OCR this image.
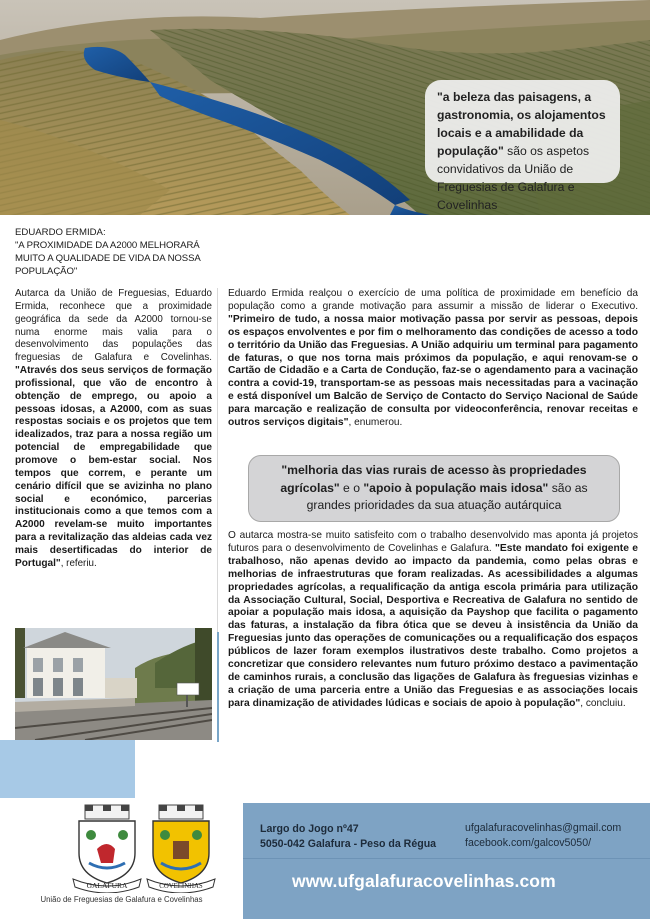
"a beleza das paisagens, a gastronomia, os alojamentos locais e a amabilidade da população" são os aspetos convidativos da União de Freguesias de Galafura e Covelinhas
EDUARDO ERMIDA:
"A PROXIMIDADE DA A2000 MELHORARÁ MUITO A QUALIDADE DE VIDA DA NOSSA POPULAÇÃO"
Autarca da União de Freguesias, Eduardo Ermida, reconhece que a proximidade geográfica da sede da A2000 tornou-se numa enorme mais valia para o desenvolvimento das populações das freguesias de Galafura e Covelinhas. "Através dos seus serviços de formação profissional, que vão de encontro à obtenção de emprego, ou apoio a pessoas idosas, a A2000, com as suas respostas sociais e os projetos que tem idealizados, traz para a nossa região um potencial de empregabilidade que promove o bem-estar social. Nos tempos que correm, e perante um cenário difícil que se avizinha no plano social e económico, parcerias institucionais como a que temos com a A2000 revelam-se muito importantes para a revitalização das aldeias cada vez mais desertificadas do interior de Portugal", referiu.
Eduardo Ermida realçou o exercício de uma política de proximidade em benefício da população como a grande motivação para assumir a missão de liderar o Executivo. "Primeiro de tudo, a nossa maior motivação passa por servir as pessoas, depois os espaços envolventes e por fim o melhoramento das condições de acesso a todo o território da União das Freguesias. A União adquiriu um terminal para pagamento de faturas, o que nos torna mais próximos da população, e aqui renovam-se o Cartão de Cidadão e a Carta de Condução, faz-se o agendamento para a vacinação contra a covid-19, transportam-se as pessoas mais necessitadas para a vacinação e está disponível um Balcão de Serviço de Contacto do Serviço Nacional de Saúde para marcação e realização de consulta por videoconferência, renovar receitas e outros serviços digitais", enumerou.
"melhoria das vias rurais de acesso às propriedades agrícolas" e o "apoio à população mais idosa" são as grandes prioridades da sua atuação autárquica
O autarca mostra-se muito satisfeito com o trabalho desenvolvido mas aponta já projetos futuros para o desenvolvimento de Covelinhas e Galafura. "Este mandato foi exigente e trabalhoso, não apenas devido ao impacto da pandemia, como pelas obras e melhorias de infraestruturas que foram realizadas. As acessibilidades a algumas propriedades agrícolas, a requalificação da antiga escola primária para utilização da Associação Cultural, Social, Desportiva e Recreativa de Galafura no sentido de apoiar a população mais idosa, a aquisição da Payshop que facilita o pagamento das faturas, a instalação da fibra ótica que se deveu à insistência da União da Freguesias junto das operações de comunicações ou a requalificação dos espaços públicos de lazer foram exemplos ilustrativos deste trabalho. Como projetos a concretizar que considero relevantes num futuro próximo destaco a pavimentação de caminhos rurais, a conclusão das ligações de Galafura às freguesias vizinhas e a criação de uma parceria entre a União das Freguesias e as associações locais para dinamização de atividades lúdicas e sociais de apoio à população", concluiu.
GALAFURA	COVELINHAS
União de Freguesias de Galafura e Covelinhas
Largo do Jogo nº47
5050-042 Galafura - Peso da Régua
ufgalafuracovelinhas@gmail.com
facebook.com/galcov5050/
www.ufgalafuracovelinhas.com
